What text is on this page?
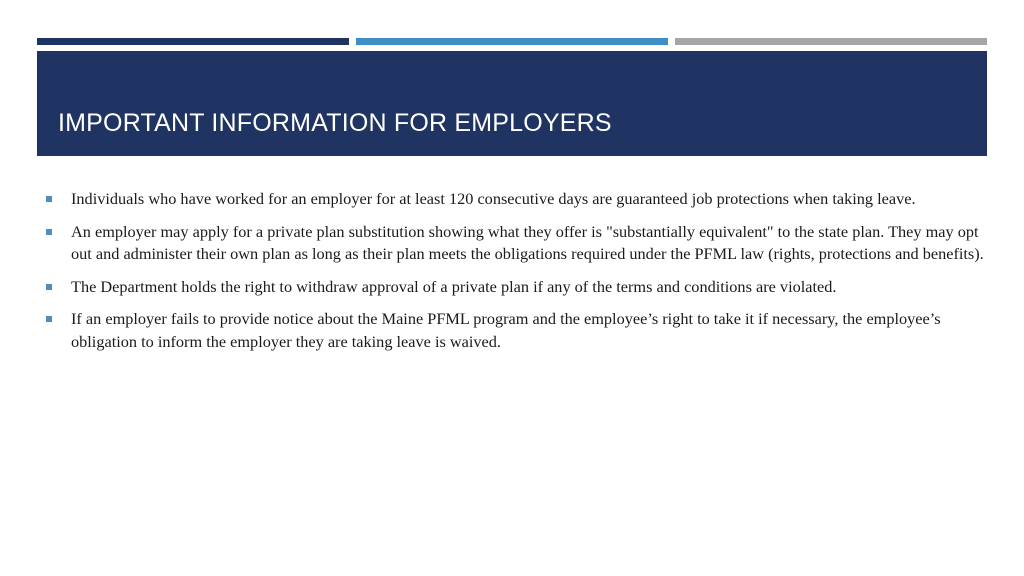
IMPORTANT INFORMATION FOR EMPLOYERS
Individuals who have worked for an employer for at least 120 consecutive days are guaranteed job protections when taking leave.
An employer may apply for a private plan substitution showing what they offer is "substantially equivalent" to the state plan. They may opt out and administer their own plan as long as their plan meets the obligations required under the PFML law (rights, protections and benefits).
The Department holds the right to withdraw approval of a private plan if any of the terms and conditions are violated.
If an employer fails to provide notice about the Maine PFML program and the employee’s right to take it if necessary, the employee’s obligation to inform the employer they are taking leave is waived.
